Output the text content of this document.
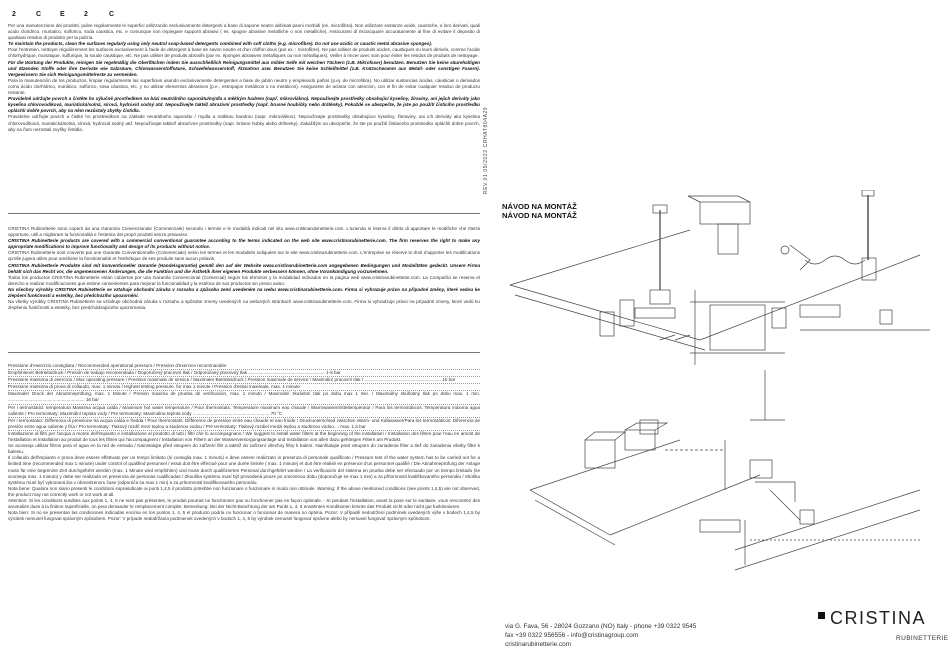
2	C	E	2	C

Per una manutenzione dei prodotti, pulire regolarmente le superfici utilizzando esclusivamente detergenti a base di sapone neutro abbinati panni morbidi (es. microfibra). Non utilizzare sostanze acide, caustiche, o loro derivati, quali acido cloridrico, muriatico, solforico, soda caustica, etc. e comunque non impiegare supporti abrasivi ( es. spugne abrasive metalliche o non metalliche). Assicurarsi di risciacquare accuratamente al fine di evitare il deposito di qualsiasi residuo di prodotto per la pulizia.

To maintain the products, clean the surfaces regularly using only neutral soap-based detergents combined with soft cloths (e.g. microfibre). Do not use acidic or caustic metal abrasive sponges).

Pour l'entretien, nettoyer régulièrement les surfaces exclusivement à l'aide de détergent à base de savon neutre et d'un chiffon doux (par ex. : microfibre). Ne pas utiliser de produits acides, caustiques ou leurs dérivés, comme l'acide chlorhydrique, muriatique, sulfurique, la soude caustique, etc. Ne pas utiliser de produits abrasifs (par ex. éponges abrasives métalliques ou non métalliques). Veiller à rincer avec soin pour éviter les résidus de produits de nettoyage.

Für die Wartung der Produkte, reinigen Sie regelmäßig die Oberflächen indem Sie ausschließlich Reinigungsmittel aus milder Seife mit weichen Tüchern (z.B. Mikrofaser) benutzen. Benutzen Sie keine säurehaltigen und ätzenden Stoffe oder ihre Derivate wie Salzsäure, Chlorwasserstoffsäure, Schwefelwasserstoff, Ätznatron usw. Benutzen Sie keine Schleifmittel (z.B. Kratzschwamm aus Metall- oder sonstigen Fasern). Vergewissern Sie sich Reinigungsmittelreste zu vermeiden.

Para la manutención de los productos, limpiar regularmente las superficies usando exclusivamente detergentes a base de jabón neutro y empleando paños (p.ej. de microfibra). No utilizar sustancias ácidas, cáusticas o derivados como ácido clorhídrico, muriático, sulfúrico, sosa cáustica, etc. y no utilizar elementos abrasivos (p.e., estropajos metálicos o no metálicos). Asegurarse de aclarar con atención, con el fin de evitar cualquier residuo de producto restante.

Pravidelně udržujte povrch a čistěte ho výlučně prostředkem na bázi neutrálního saponátu/mýdla a měkkým hadrem (např. mikrovlákno). Nepoužívejte prostředky obsahující kyseliny, žíraviny, ani jejich deriváty jako kyselina chlorovodíková, muriatická/solná, sírová, hydroxid sodný atd. Nepoužívejte taktéž abrazivní prostředky (např. brusné houbičky nebo drátěnky). Pokaždé se ubezpečte, že jste po použití čisticího prostředku opláchli dobře povrch, aby na něm nezůstaly zbytky čistidla.

Pravidelne udržujte povrch a čistite ho prostriedkom na základe neutrálneho saponátu / mydla a mäkkou handrou (napr. mikrovlákno). Nepoužívajte prostriedky obsahujúce kyseliny, žieraviny, ani ich deriváty ako kyselina chlorovodíková, muriatická/solná, sírová, hydroxid sodný atď. Nepoužívajte taktiež abrazívne prostriedky (napr. brúsne hubky alebo drôtenky). Zakaždým sa ubezpečte, že ste po použití čistiaceho prostriedku opláchli dobre povrch, aby na ňom nezostali zvyšky čistidla.

CRISTINA Rubinetterie sono coperti da una Garanzia Convenzionale (Commerciale) secondo i termini e le modalità indicati nel sito www.cristinarubinetterie.com. L'azienda si riserva il diritto di apportare le modifiche che riterrà opportune, utili a migliorare la funzionalità e l'estetica dei propri prodotti senza preavviso.

CRISTINA Rubinetterie products are covered with a commercial conventional guarantee according to the terms indicated on the web site www.cristinarubinetterie.com. The firm reserves the right to make any appropriate modifications to improve functionality and design of its products without notice.

CRISTINA Rubinetterie sont couverts par une Garantie Conventionnelle (Commerciale) selon les termes et les modalités indiquées sur le site www.cristinarubinetterie.com. L'entreprise se réserve le droit d'apporter les modifications qu'elle jugera utiles pour améliorer la fonctionnalité et l'esthétique de ses produits sans aucun préavis.

CRISTINA Rubinetterie Produkte sind mit konventioneller Garantie (Handelsgarantie) gemäß den auf der Website www.cristinarubinetterie.com angegebenen Bedingungen und Modalitäten gedeckt. Unsere Firma behält sich das Recht vor, die angemessenen Änderungen, die die Funktion und die Ästhetik ihrer eigenen Produkte verbessern können, ohne Vorankündigung vorzunehmen.

Todos los productos CRISTINA Rubinetterie están cubiertos por una Garantía Convencional (Comercial) según los términos y la modalidad indicados en la página web www.cristinarubinetterie.com. La Compañía se reserva el derecho a realizar modificaciones que estime convenientes para mejorar la funcionalidad y la estética de sus productos sin previo aviso.

Na všechny výrobky CRISTINA Rubinetterie se vztahuje obchodní záruka v rozsahu a způsobu zemí uvedeném na webu www.cristinarubinetterie.com. Firma si vyhrazuje právo na případné změny, které vedou ke zlepšení funkčnosti a estetiky, bez předchozího upozornění.

Na všetky výrobky CRISTINA Rubinetterie sa vzťahuje obchodná záruka v rozsahu a spôsobe zmeny uvedených na webových stránkach www.cristinarubinetterie.com. Firma si vyhradzuje právo na prípadné zmeny, ktoré vedú ku zlepšeniu funkčnosti a estetiky, bez predchádzajúceho upozornenia.

Pressione d'esercizio consigliata / Recommended operational pressure / Pression d'exercice recommandée

Empfohlener Betriebsdruck / Presión de trabajo recomendada / Doporučený pracovní tlak / Odporúčaný pracovný tlak ............................................................ 1-5 bar

Pressione massima di esercizio / Max operating pressure / Pression maximale de service / Maximaler Betriebsdruck / Pression maximale de service / Maximální pracovní tlak / ............................................................ 10 bar

Pressione massima di prova di collaudo, max. 1 minuto / Highest testing pressure, for max 1 minute / Pression d'essai maximale, max. 1 minute

Maximaler Druck der Abnahmeprüfung, max. 1 Minute / Presión maxima de prueba de verificación, max. 1 minuto / Maximální zkušební tlak po dobu max 1 min. / Maximálny skúšobný tlak po dobu max. 1 min. ............................................................ 16 bar

Per i termostatici: temperatura Massima acqua calda / Maximum hot water temperature / Pour thermostats: Temperature maximum eau chaude / Warmwassermitteltemperatur / Para los termostáticos: Temperatura máxima agua caliente / Pro termostaty: Maximální teplota vody / Pre termostaty: Maximálna teplota vody ............................................................ 70 °C

Per i termostatici: Differenza di pressione tra acqua calda e fredda / Pour thermostats: Différence de pression entre eau chaude et eau froide / Druckunterschied zwischen Warm- und Kaltwasser/Para los termostáticos: Diferencia de presión entre agua caliente y fría / Pro termostaty: Tlakový rozdíl mezi teplou a studenou vodou / Pre termostaty: Tlakový rozdiel medzi teplou a studenou vodou ... max. 1,5 bar

Installazione di filtri per l'acqua a monte dell'impianto e installazione al prodotto di tutti i filtri che lo accompagnano / We suggest to install water filters at the beginning of the installation / Installation des filtres pour l'eau en amont de l'installation et installation au produit de tous les filtres qui l'accompagnent / Installation von Filtern an der Wasserversorgungsanlage und Installation von allen dazu gehörigen Filtern am Produkt.

Se aconseja utilizar filtros para el agua en la red de entrada / Nainstalujte před vstupem do zařízení filtr a taktéž do zařízení všechny filtry k balení. Nainštalujte pred vstupom do zariadenia filter a tiež do zariadenia všetky filtre k baleniu.

Il collaudo dell'impianto e prova deve essere effettuato per un tempo limitato (si consiglia max. 1 minuto) e deve essere realizzato in presenza di personale qualificato / Pressure test of the water system has to be carried out for a limited time (recommended max 1 minute) under control of qualified personnel / essai doit être effectué pour une durée limitée ( max. 1 minute) et doit être réalisé en présence d'un personnel qualifié / Die Abnahmeprüfung der Anlage muss für eine begrenzte Zeit durchgeführt werden (max. 1 Minute wird empfohlen) und muss durch qualifiziertes Personal durchgeführt werden / La verificación del sistema en prueba debe ser efectuado por un tiempo limitado (se aconseja max. 1 minuto) y debe ser realizado en presencia de personas cualificadas / Zkouška systému musí být provedená pouze po omezenou dobu (doporučuje se max 1 min) a za přítomnosti kvalifikovaného personálu / Skúška systému musí byť vykonaná iba v obmedzenom čase (odporúča sa max 1 min) a za prítomnosti kvalifikovaného personálu.

Nota bene: Qualora non siano presenti le condizioni sopraindicate ai punti 1,4,5 il prodotto potrebbe non funzionare o funzionare in modo non ottimale. Warning: If the above mentioned conditions (see points 1,4,5) are not observed, the product may not correctly work or not work at all.

Attention: Si les conditions susdites aux points 1, 4, 5 ne sont pas présentes, le produit pourrait ne fonctionner pas ou fonctionner pas en façon optimale. - Si pendant l'installation, avant la pose sur le sanitaire, vous rencontrez des anomalies dues à la finition superficielle, on peut demander le remplacement complet. Bemerkung: Bei der Nicht-Beachtung der am Punkt 1, 4, 5 erwähnten Konditionen könnte das Produkt nicht oder nicht gut funktionieren.

Nota bien: Si no se presentan las condiciones indicadas encima en los puntos 1, 4, 5 el producto podría no funcionar o funcionar de manera no óptima. Pozor: V případě nedodržení podmínek uvedených výše v bodech 1,4,5 by výrobek nemusel fungovat správným způsobem. Pozor: V prípade nedodržania podmienok uvedených v bodoch 1, 4, 5 by výrobok nemusel fungovať správne alebo by nemusel fungovať správnym spôsobom.

REV.01 09/2022 CRHAT804A29
NÁVOD NA MONTÁŽ
NÁVOD NA MONTÁŽ
via G. Fava, 56 - 28024 Gozzano (NO) Italy - phone +39 0322 9545
fax +39 0322 956556 - info@cristinagroup.com
cristinarubinetterie.com
CRISTINA
RUBINETTERIE
